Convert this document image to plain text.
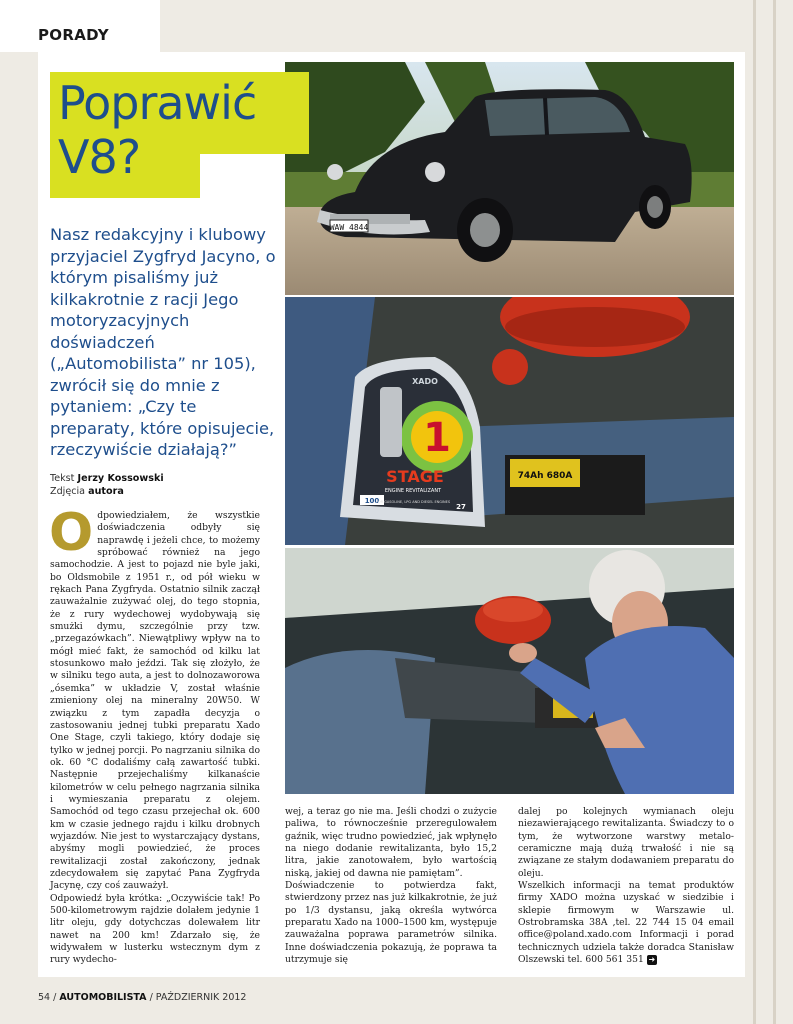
PORADY
WAW 4844
74Ah 680A
XADO
1
STAGE
ENGINE REVITALIZANT
100
FOR GASOLINE, LPG AND DIESEL ENGINES
27
Poprawić
V8?

Nasz redakcyjny i klubowy przyjaciel Zygfryd Jacyno, o którym pisaliśmy już kilkakrotnie z racji Jego motoryzacyjnych doświadczeń („Automobilista” nr 105), zwrócił się do mnie z pytaniem: „Czy te preparaty, które opisujecie, rzeczywiście działają?”

Tekst Jerzy Kossowski
Zdjęcia autora

Odpowiedziałem, że wszystkie doświadczenia odbyły się naprawdę i jeżeli chce, to możemy spróbować również na jego samochodzie. A jest to pojazd nie byle jaki, bo Oldsmobile z 1951 r., od pół wieku w rękach Pana Zygfryda. Ostatnio silnik zaczął zauważalnie zużywać olej, do tego stopnia, że z rury wydechowej wydobywają się smużki dymu, szczególnie przy tzw. „przegazówkach”. Niewątpliwy wpływ na to mógł mieć fakt, że samochód od kilku lat stosunkowo mało jeździ. Tak się złożyło, że w silniku tego auta, a jest to dolnozaworowa „ósemka” w układzie V, został właśnie zmieniony olej na mineralny 20W50. W związku z tym zapadła decyzja o zastosowaniu jednej tubki preparatu Xado One Stage, czyli takiego, który dodaje się tylko w jednej porcji. Po nagrzaniu silnika do ok. 60 °C dodaliśmy całą zawartość tubki. Następnie przejechaliśmy kilkanaście kilometrów w celu pełnego nagrzania silnika i wymieszania preparatu z olejem. Samochód od tego czasu przejechał ok. 600 km w czasie jednego rajdu i kilku drobnych wyjazdów. Nie jest to wystarczający dystans, abyśmy mogli powiedzieć, że proces rewitalizacji został zakończony, jednak zdecydowałem się zapytać Pana Zygfryda Jacynę, czy coś zauważył.

Odpowiedź była krótka: „Oczywiście tak! Po 500-kilometrowym rajdzie dolałem jedynie 1 litr oleju, gdy dotychczas dolewałem litr nawet na 200 km! Zdarzało się, że widywałem w lusterku wstecznym dym z rury wydecho-

wej, a teraz go nie ma. Jeśli chodzi o zużycie paliwa, to równocześnie przeregulowałem gaźnik, więc trudno powiedzieć, jak wpłynęło na niego dodanie rewitalizanta, było 15,2 litra, jakie zanotowałem, było wartością niską, jakiej od dawna nie pamiętam”.

Doświadczenie to potwierdza fakt, stwierdzony przez nas już kilkakrotnie, że już po 1/3 dystansu, jaką określa wytwórca preparatu Xado na 1000–1500 km, występuje zauważalna poprawa parametrów silnika. Inne doświadczenia pokazują, że poprawa ta utrzymuje się

dalej po kolejnych wymianach oleju niezawierającego rewitalizanta. Świadczy to o tym, że wytworzone warstwy metalo-ceramiczne mają dużą trwałość i nie są związane ze stałym dodawaniem preparatu do oleju.

Wszelkich informacji na temat produktów firmy XADO można uzyskać w siedzibie i sklepie firmowym w Warszawie ul. Ostrobramska 38A ,tel. 22 744 15 04 email office@poland.xado.com Informacji i porad technicznych udziela także doradca Stanisław Olszewski tel. 600 561 351 ➜

54 / AUTOMOBILISTA / PAŹDZIERNIK 2012
